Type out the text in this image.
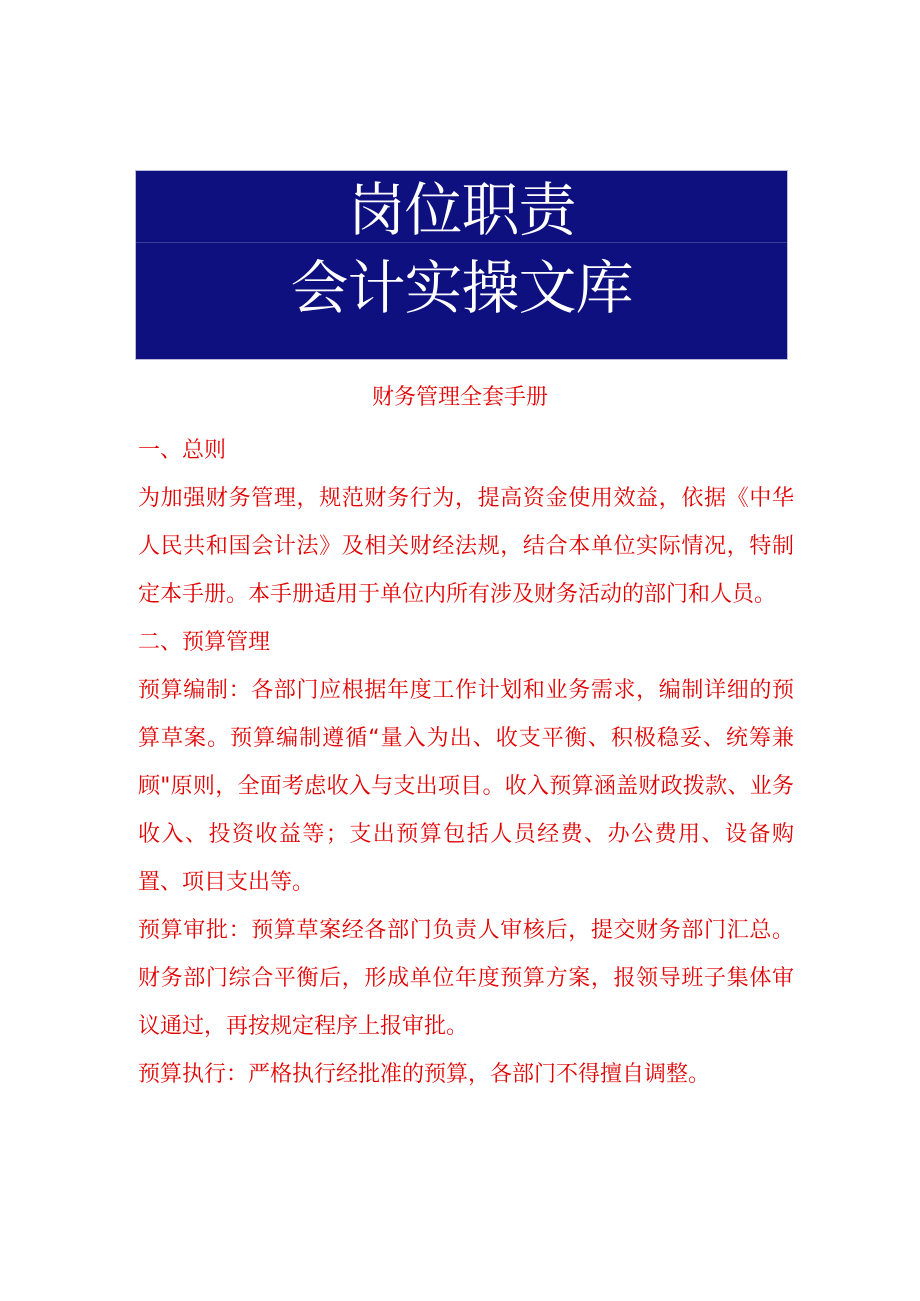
岗位职责
会计实操文库
财务管理全套手册

一、总则

为加强财务管理，规范财务行为，提高资金使用效益，依据《中华人民共和国会计法》及相关财经法规，结合本单位实际情况，特制定本手册。本手册适用于单位内所有涉及财务活动的部门和人员。

二、预算管理

预算编制：各部门应根据年度工作计划和业务需求，编制详细的预算草案。预算编制遵循“量入为出、收支平衡、积极稳妥、统筹兼顾"原则，全面考虑收入与支出项目。收入预算涵盖财政拨款、业务收入、投资收益等；支出预算包括人员经费、办公费用、设备购置、项目支出等。

预算审批：预算草案经各部门负责人审核后，提交财务部门汇总。财务部门综合平衡后，形成单位年度预算方案，报领导班子集体审议通过，再按规定程序上报审批。

预算执行：严格执行经批准的预算，各部门不得擅自调整。
